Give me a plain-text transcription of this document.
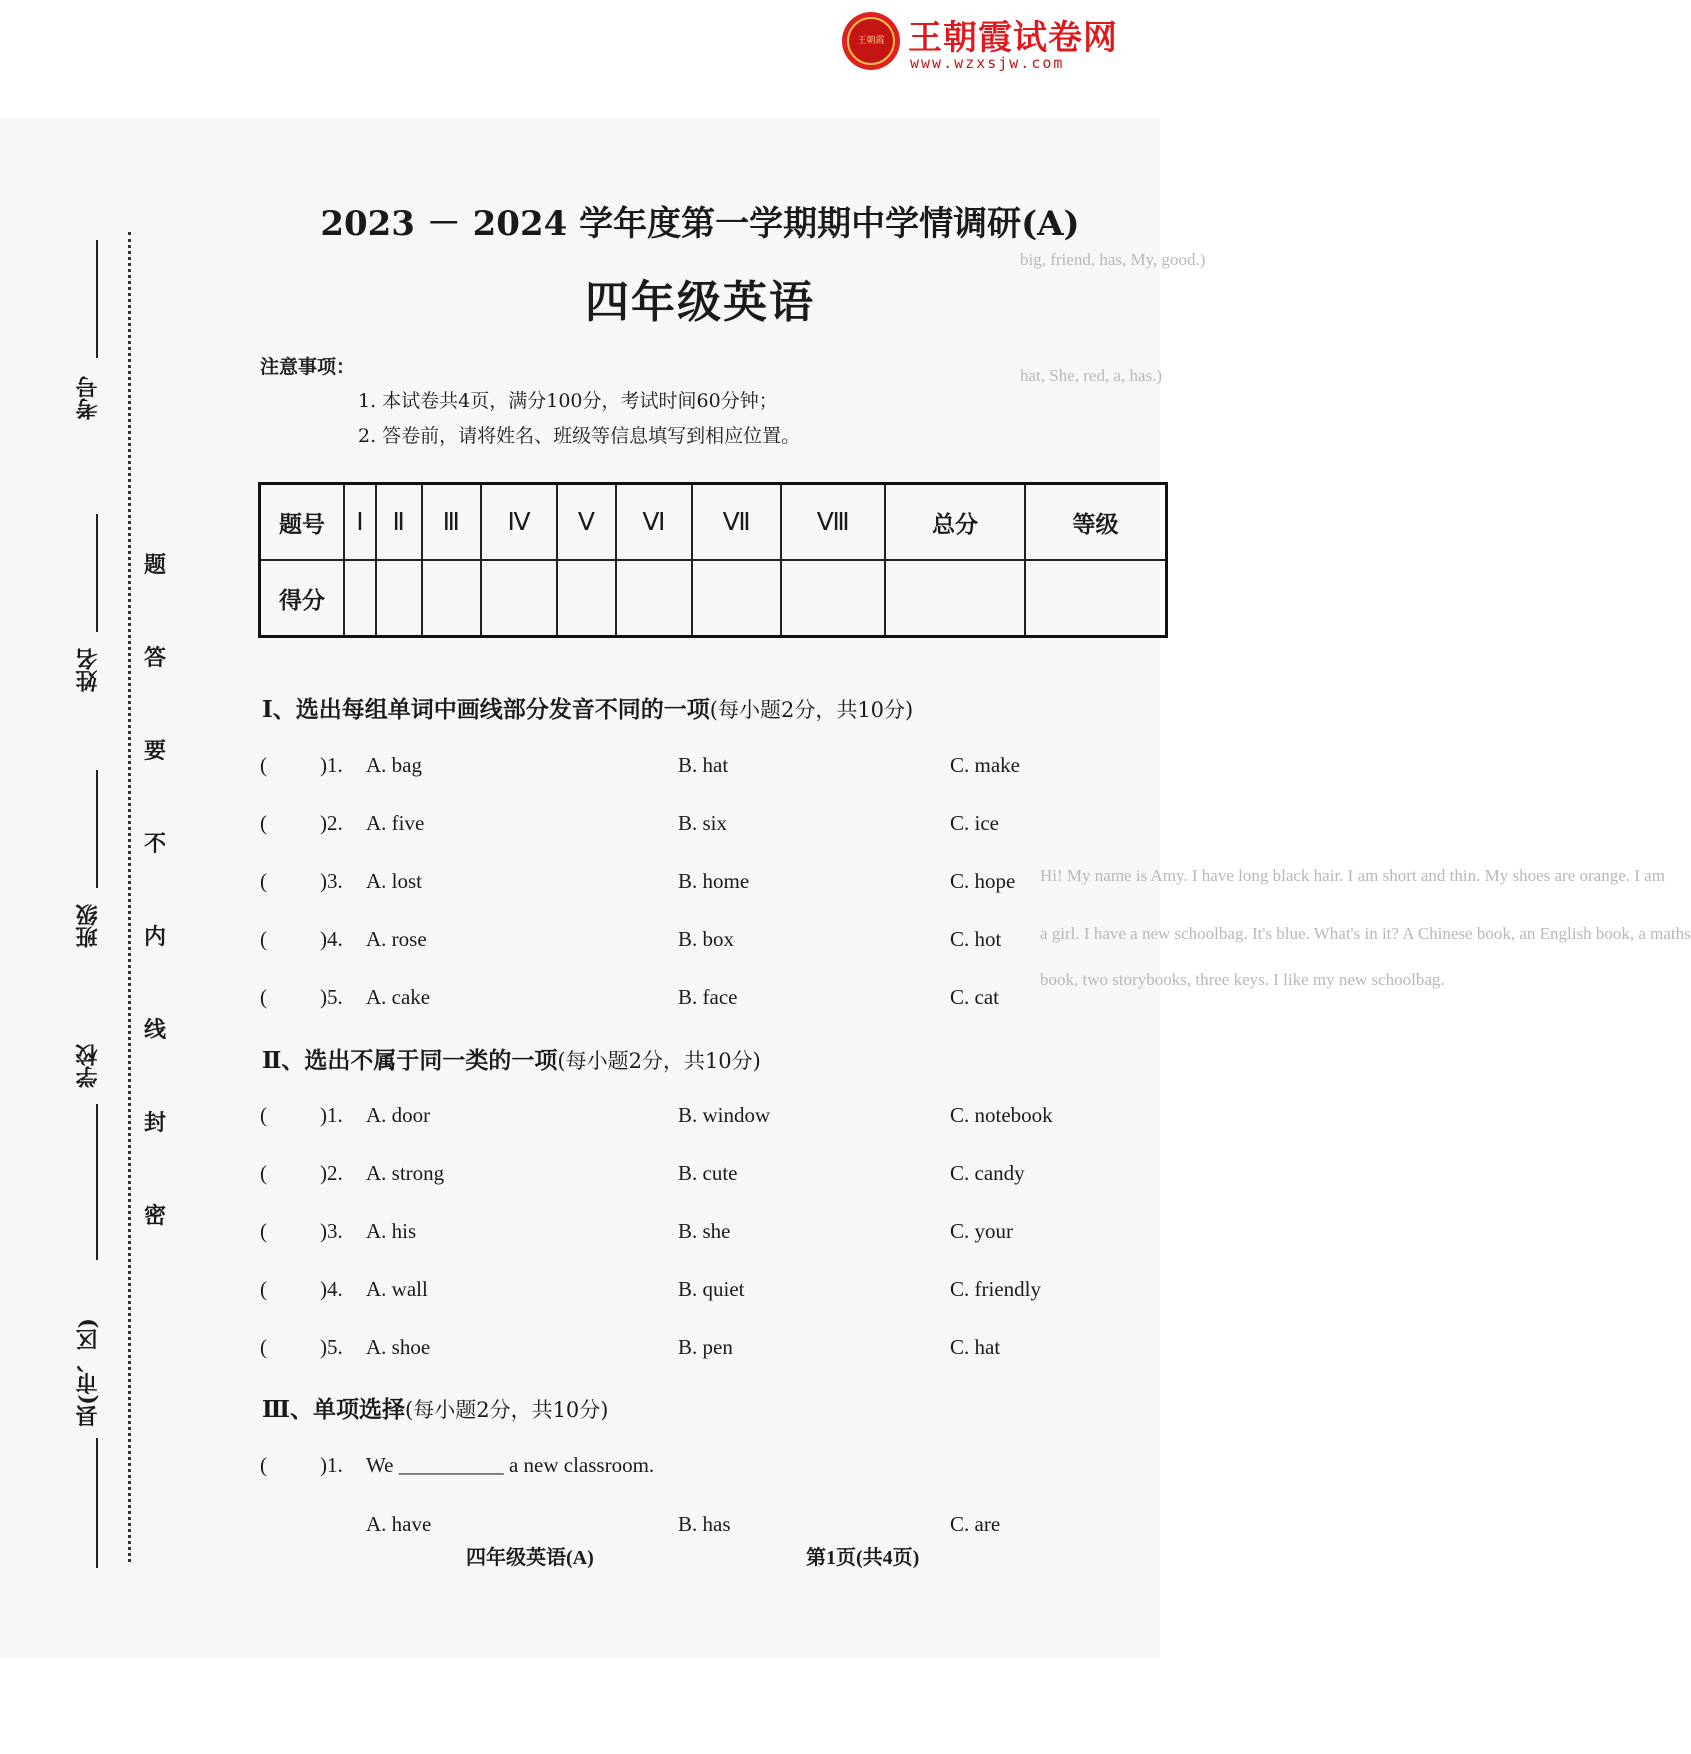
big, friend, has, My, good.)
hat, She, red, a, has.)
Hi! My name is Amy. I have long black hair. I am short and thin. My shoes are orange. I am
a girl. I have a new schoolbag. It's blue. What's in it? A Chinese book, an English book, a maths
book, two storybooks, three keys. I like my new schoolbag.
王朝霞 王朝霞试卷网
www.wzxsjw.com
考号
姓名
班级
学校
县(市、区)
题
答
要
不
内
线
封
密
2023 － 2024 学年度第一学期期中学情调研(A)
四年级英语
注意事项：
1. 本试卷共4页，满分100分，考试时间60分钟；
2. 答卷前，请将姓名、班级等信息填写到相应位置。
题号	Ⅰ	Ⅱ	Ⅲ	Ⅳ	Ⅴ	Ⅵ	Ⅶ	Ⅷ	总分	等级
得分										
Ⅰ、选出每组单词中画线部分发音不同的一项(每小题2分，共10分)
(	)1. A. bag	B. hat	C. make
(	)2. A. five	B. six	C. ice
(	)3. A. lost	B. home	C. hope
(	)4. A. rose	B. box	C. hot
(	)5. A. cake	B. face	C. cat
Ⅱ、选出不属于同一类的一项(每小题2分，共10分)
(	)1. A. door	B. window	C. notebook
(	)2. A. strong	B. cute	C. candy
(	)3. A. his	B. she	C. your
(	)4. A. wall	B. quiet	C. friendly
(	)5. A. shoe	B. pen	C. hat
Ⅲ、单项选择(每小题2分，共10分)
(	)1. We __________ a new classroom.
A. have	B. has	C. are
四年级英语(A)	第1页(共4页)
